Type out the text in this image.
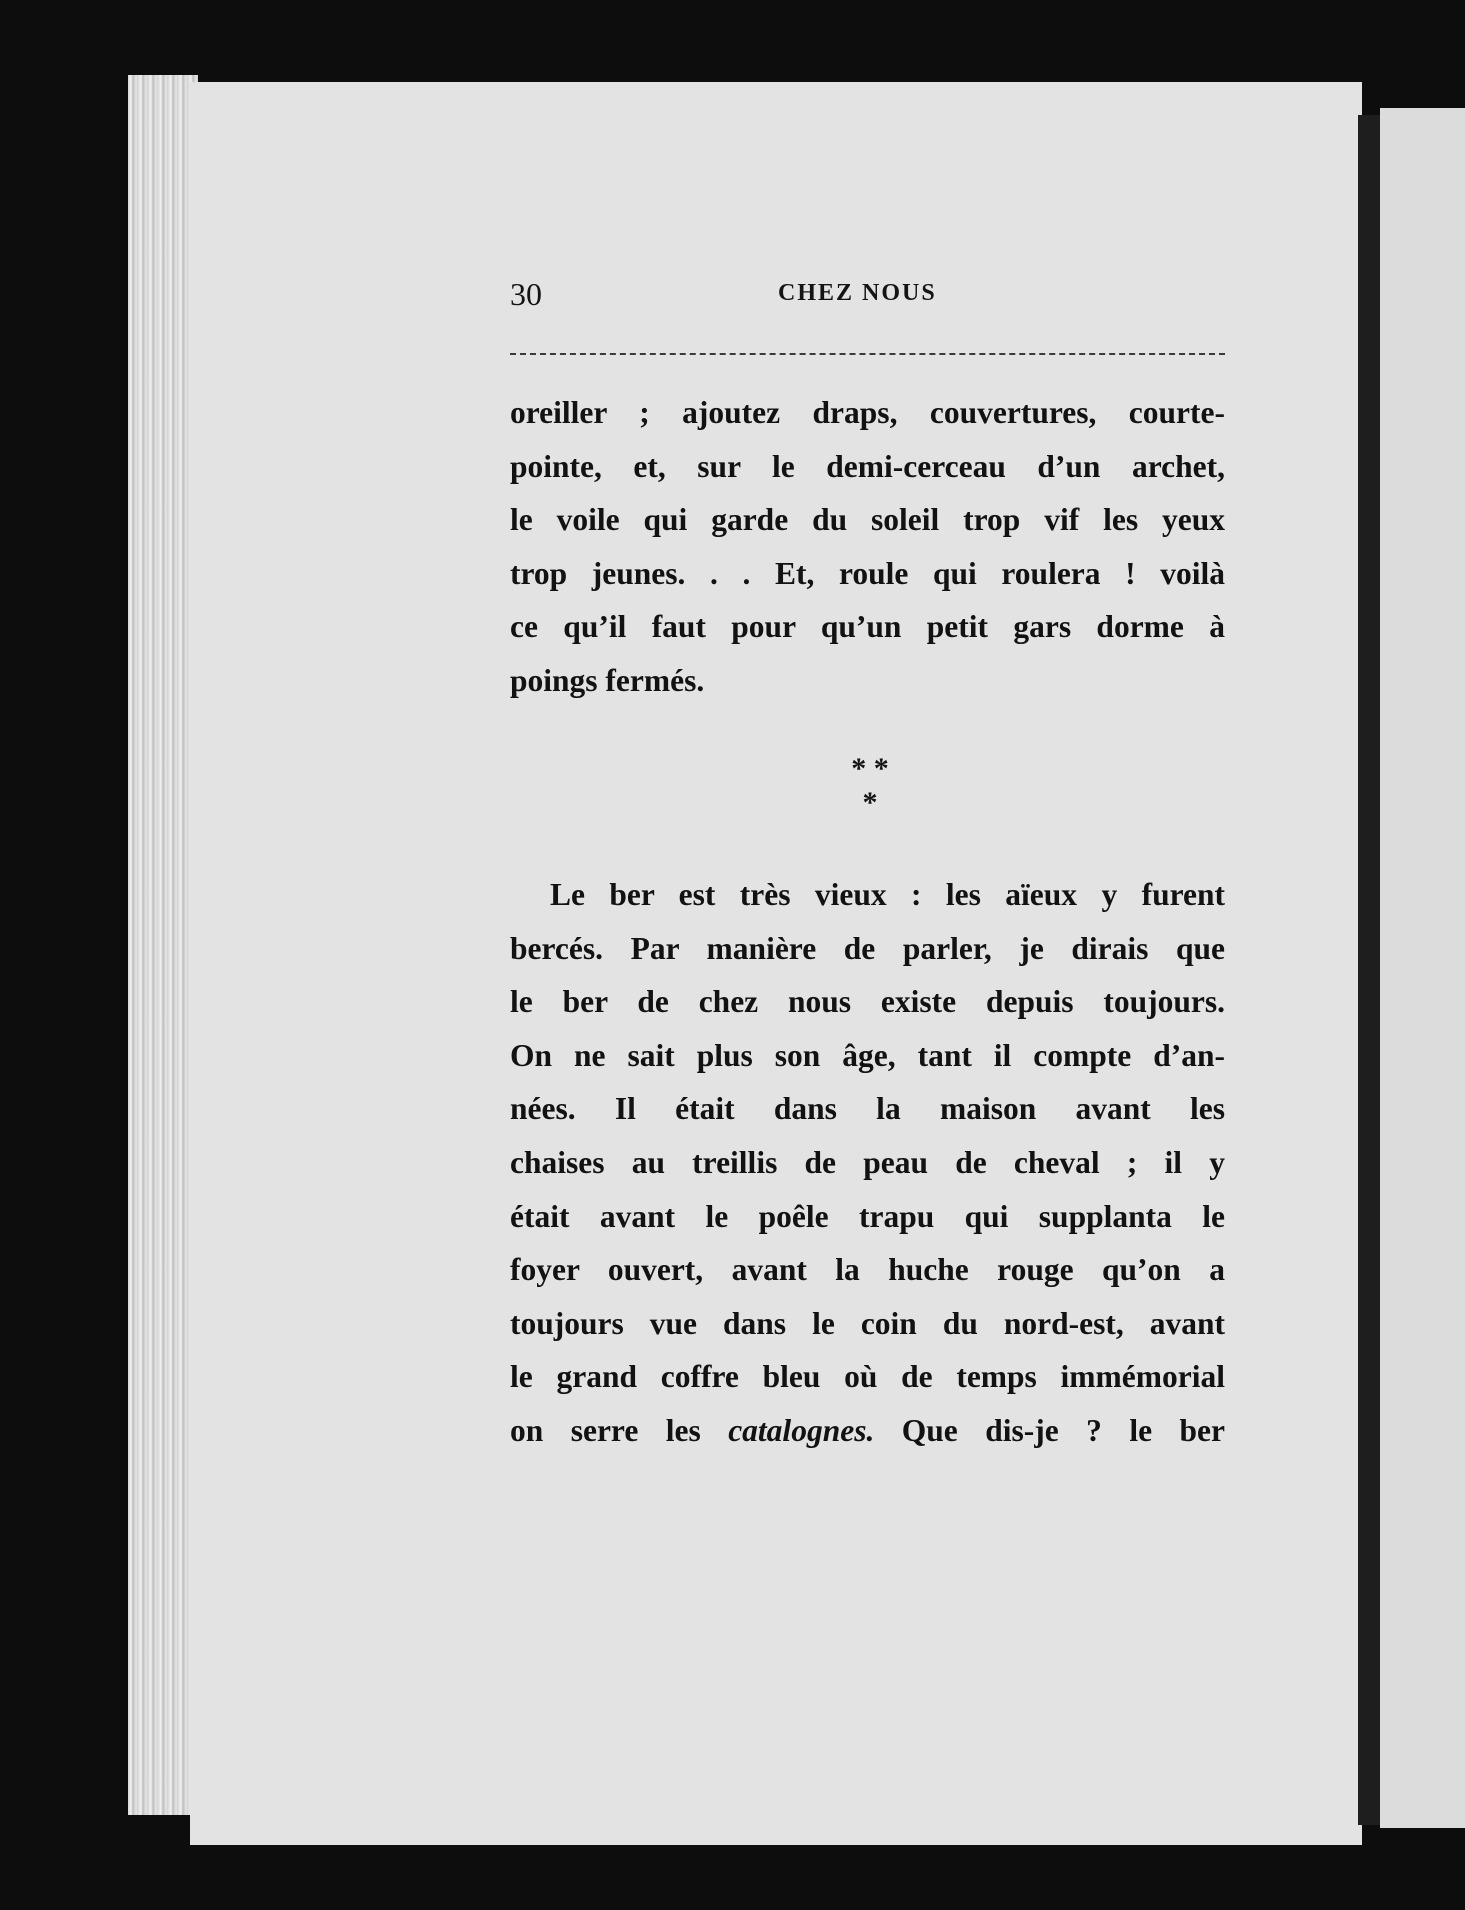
30	CHEZ NOUS
oreiller ; ajoutez draps, couvertures, courte-
pointe, et, sur le demi-cerceau d’un archet,
le voile qui garde du soleil trop vif les yeux
trop jeunes. . . Et, roule qui roulera ! voilà
ce qu’il faut pour qu’un petit gars dorme à
poings fermés.
* *
*
Le ber est très vieux : les aïeux y furent
bercés. Par manière de parler, je dirais que
le ber de chez nous existe depuis toujours.
On ne sait plus son âge, tant il compte d’an-
nées. Il était dans la maison avant les
chaises au treillis de peau de cheval ; il y
était avant le poêle trapu qui supplanta le
foyer ouvert, avant la huche rouge qu’on a
toujours vue dans le coin du nord-est, avant
le grand coffre bleu où de temps immémorial
on serre les catalognes. Que dis-je ? le ber
